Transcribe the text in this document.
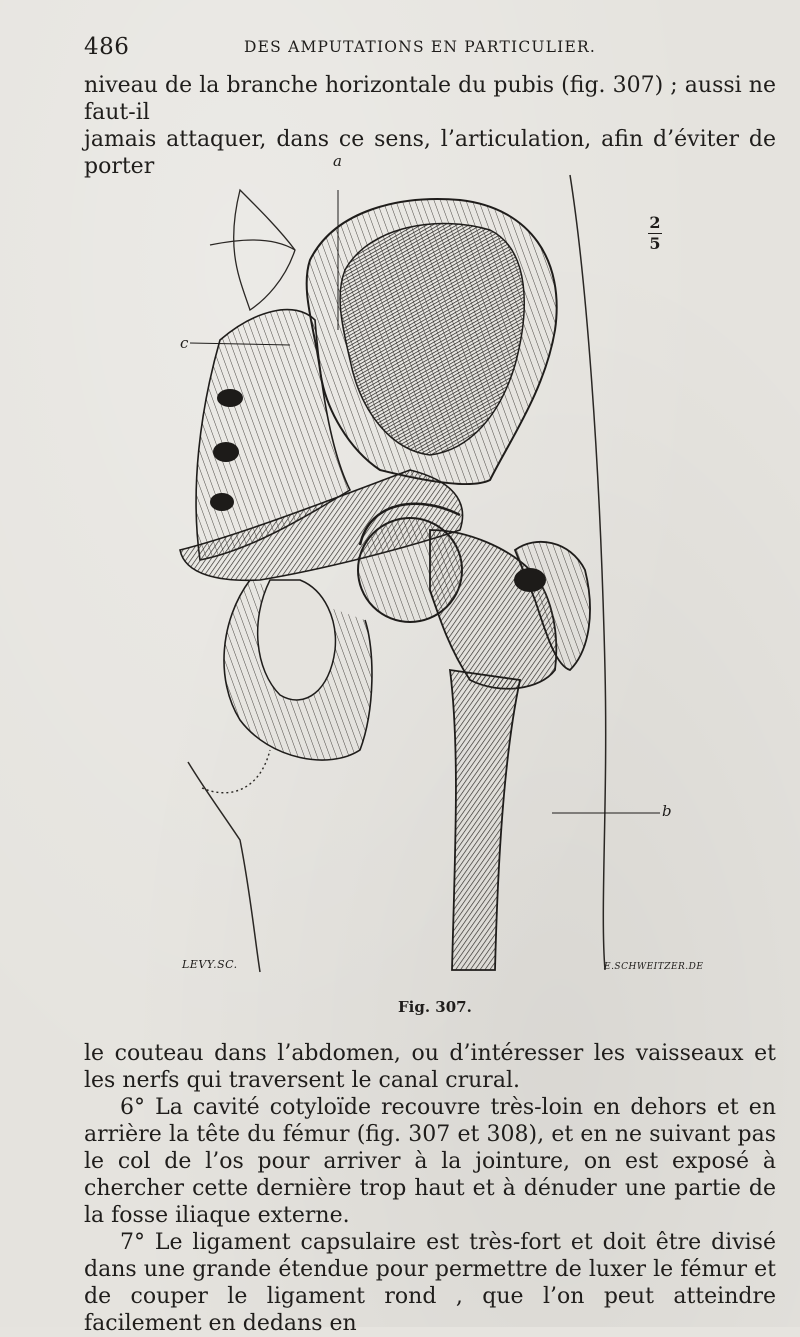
486	DES AMPUTATIONS EN PARTICULIER.

niveau de la branche horizontale du pubis (fig. 307) ; aussi ne faut-il

jamais attaquer, dans ce sens, l’articulation, afin d’éviter de porter	a
c
b
2
5
LEVY.SC.	E.SCHWEITZER.DE
Fig. 307.

le couteau dans l’abdomen, ou d’intéresser les vaisseaux et les nerfs qui traversent le canal crural.

6° La cavité cotyloïde recouvre très-loin en dehors et en arrière la tête du fémur (fig. 307 et 308), et en ne suivant pas le col de l’os pour arriver à la jointure, on est exposé à chercher cette dernière trop haut et à dénuder une partie de la fosse iliaque externe.

7° Le ligament capsulaire est très-fort et doit être divisé dans une grande étendue pour permettre de luxer le fémur et de couper le ligament rond , que l’on peut atteindre facilement en dedans en
